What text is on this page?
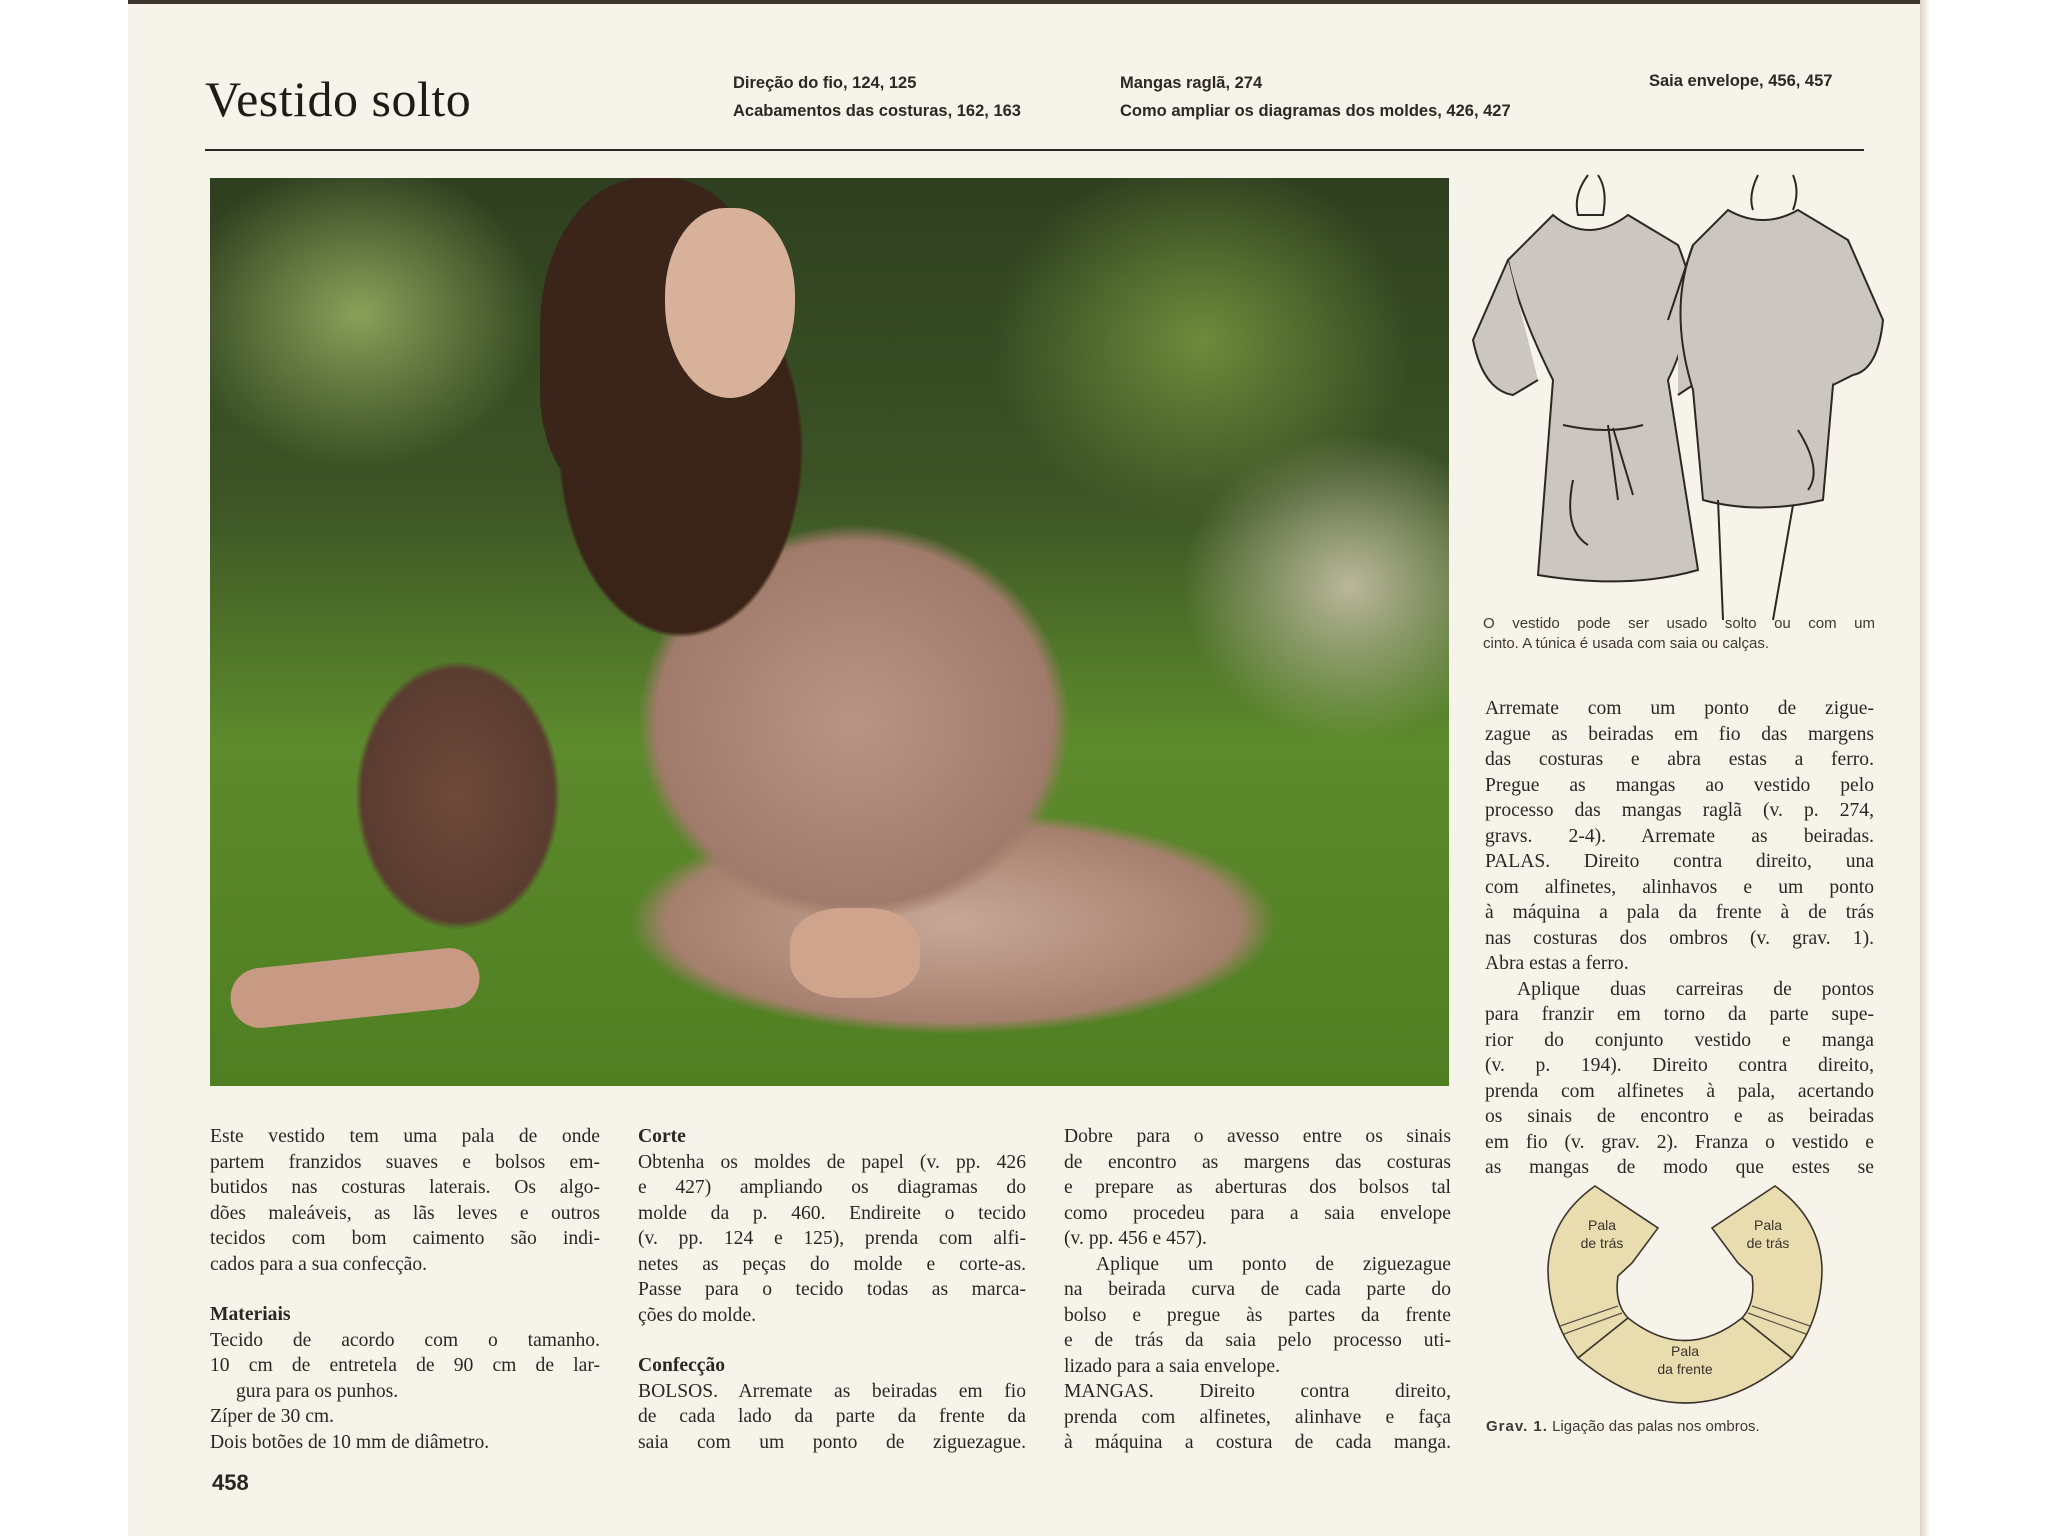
Vestido solto	Direção do fio, 124, 125

Acabamentos das costuras, 162, 163

Mangas raglã, 274

Como ampliar os diagramas dos moldes, 426, 427

Saia envelope, 456, 457

O vestido pode ser usado solto ou com um

cinto. A túnica é usada com saia ou calças.

Este vestido tem uma pala de onde

partem franzidos suaves e bolsos em-

butidos nas costuras laterais. Os algo-

dões maleáveis, as lãs leves e outros

tecidos com bom caimento são indi-

cados para a sua confecção.

Materiais

Tecido de acordo com o tamanho.

10 cm de entretela de 90 cm de lar-

gura para os punhos.

Zíper de 30 cm.

Dois botões de 10 mm de diâmetro.

Corte

Obtenha os moldes de papel (v. pp. 426

e 427) ampliando os diagramas do

molde da p. 460. Endireite o tecido

(v. pp. 124 e 125), prenda com alfi-

netes as peças do molde e corte-as.

Passe para o tecido todas as marca-

ções do molde.

Confecção

BOLSOS. Arremate as beiradas em fio

de cada lado da parte da frente da

saia com um ponto de ziguezague.

Dobre para o avesso entre os sinais

de encontro as margens das costuras

e prepare as aberturas dos bolsos tal

como procedeu para a saia envelope

(v. pp. 456 e 457).

Aplique um ponto de ziguezague

na beirada curva de cada parte do

bolso e pregue às partes da frente

e de trás da saia pelo processo uti-

lizado para a saia envelope.

MANGAS. Direito contra direito,

prenda com alfinetes, alinhave e faça

à máquina a costura de cada manga.

Arremate com um ponto de zigue-

zague as beiradas em fio das margens

das costuras e abra estas a ferro.

Pregue as mangas ao vestido pelo

processo das mangas raglã (v. p. 274,

gravs. 2-4). Arremate as beiradas.

PALAS. Direito contra direito, una

com alfinetes, alinhavos e um ponto

à máquina a pala da frente à de trás

nas costuras dos ombros (v. grav. 1).

Abra estas a ferro.

Aplique duas carreiras de pontos

para franzir em torno da parte supe-

rior do conjunto vestido e manga

(v. p. 194). Direito contra direito,

prenda com alfinetes à pala, acertando

os sinais de encontro e as beiradas

em fio (v. grav. 2). Franza o vestido e

as mangas de modo que estes se

Pala
de trás
Pala
de trás
Pala
da frente
Grav. 1. Ligação das palas nos ombros.

458
